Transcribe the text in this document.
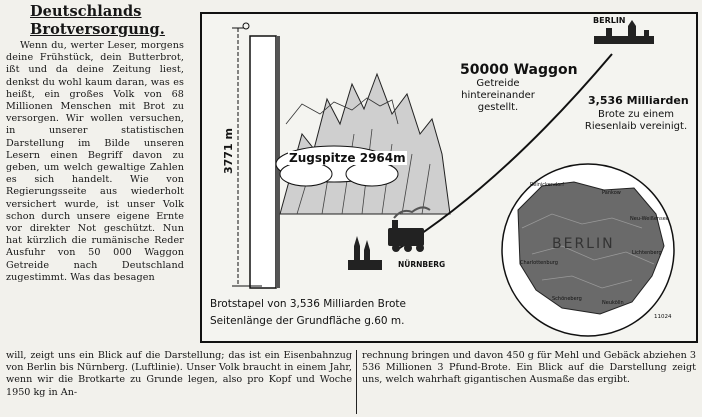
Deutschlands
Brotversorgung.

Wenn du, werter Leser, morgens deine Frühstück, dein Butterbrot, ißt und da deine Zeitung liest, denkst du wohl kaum daran, was es heißt, ein großes Volk von 68 Millionen Menschen mit Brot zu versorgen. Wir wollen versuchen, in unserer statistischen Darstellung im Bilde unseren Lesern einen Begriff davon zu geben, um welch gewaltige Zahlen es sich handelt. Wie von Regierungsseite aus wiederholt versichert wurde, ist unser Volk schon durch unsere eigene Ernte vor direkter Not geschützt. Nun hat kürzlich die rumänische Reder Ausfuhr von 50 000 Waggon Getreide nach Deutschland zugestimmt. Was das besagen

BERLIN
50000 Waggon
Getreide hintereinander gestellt.
3,536 Milliarden
Brote zu einem Riesenlaib vereinigt.
Zugspitze 2964m
NÜRNBERG
3771 m
Brotstapel von 3,536 Milliarden Brote
Seitenlänge der Grundfläche g.60 m.	11024
BERLIN
Reinickendorf
Pankow
Neu-Weißensee
Lichtenberg
Charlottenburg
Schöneberg
Neukölln
will, zeigt uns ein Blick auf die Darstellung; das ist ein Eisenbahnzug von Berlin bis Nürnberg. (Luftlinie). Unser Volk braucht in einem Jahr, wenn wir die Brotkarte zu Grunde legen, also pro Kopf und Woche 1950 kg in An-
rechnung bringen und davon 450 g für Mehl und Gebäck abziehen 3 536 Millionen 3 Pfund-Brote. Ein Blick auf die Darstellung zeigt uns, welch wahrhaft gigantischen Ausmaße das ergibt.
